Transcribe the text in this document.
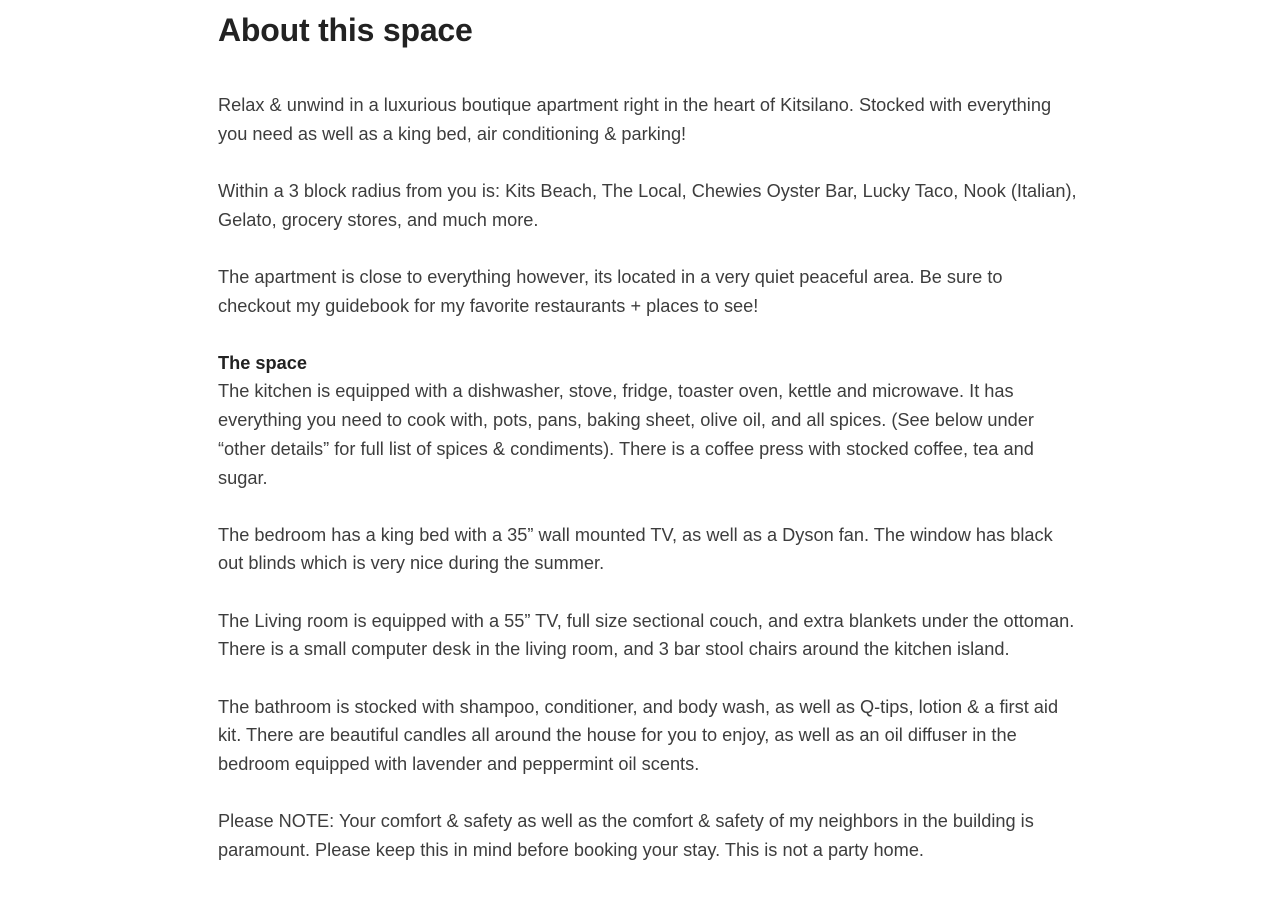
About this space

Relax & unwind in a luxurious boutique apartment right in the heart of Kitsilano. Stocked with everything you need as well as a king bed, air conditioning & parking!

Within a 3 block radius from you is: Kits Beach, The Local, Chewies Oyster Bar, Lucky Taco, Nook (Italian), Gelato, grocery stores, and much more.

The apartment is close to everything however, its located in a very quiet peaceful area. Be sure to checkout my guidebook for my favorite restaurants + places to see!

The space

The kitchen is equipped with a dishwasher, stove, fridge, toaster oven, kettle and microwave. It has everything you need to cook with, pots, pans, baking sheet, olive oil, and all spices. (See below under “other details” for full list of spices & condiments). There is a coffee press with stocked coffee, tea and sugar.

The bedroom has a king bed with a 35” wall mounted TV, as well as a Dyson fan. The window has black out blinds which is very nice during the summer.

The Living room is equipped with a 55” TV, full size sectional couch, and extra blankets under the ottoman. There is a small computer desk in the living room, and 3 bar stool chairs around the kitchen island.

The bathroom is stocked with shampoo, conditioner, and body wash, as well as Q-tips, lotion & a first aid kit. There are beautiful candles all around the house for you to enjoy, as well as an oil diffuser in the bedroom equipped with lavender and peppermint oil scents.

Please NOTE: Your comfort & safety as well as the comfort & safety of my neighbors in the building is paramount. Please keep this in mind before booking your stay. This is not a party home.
